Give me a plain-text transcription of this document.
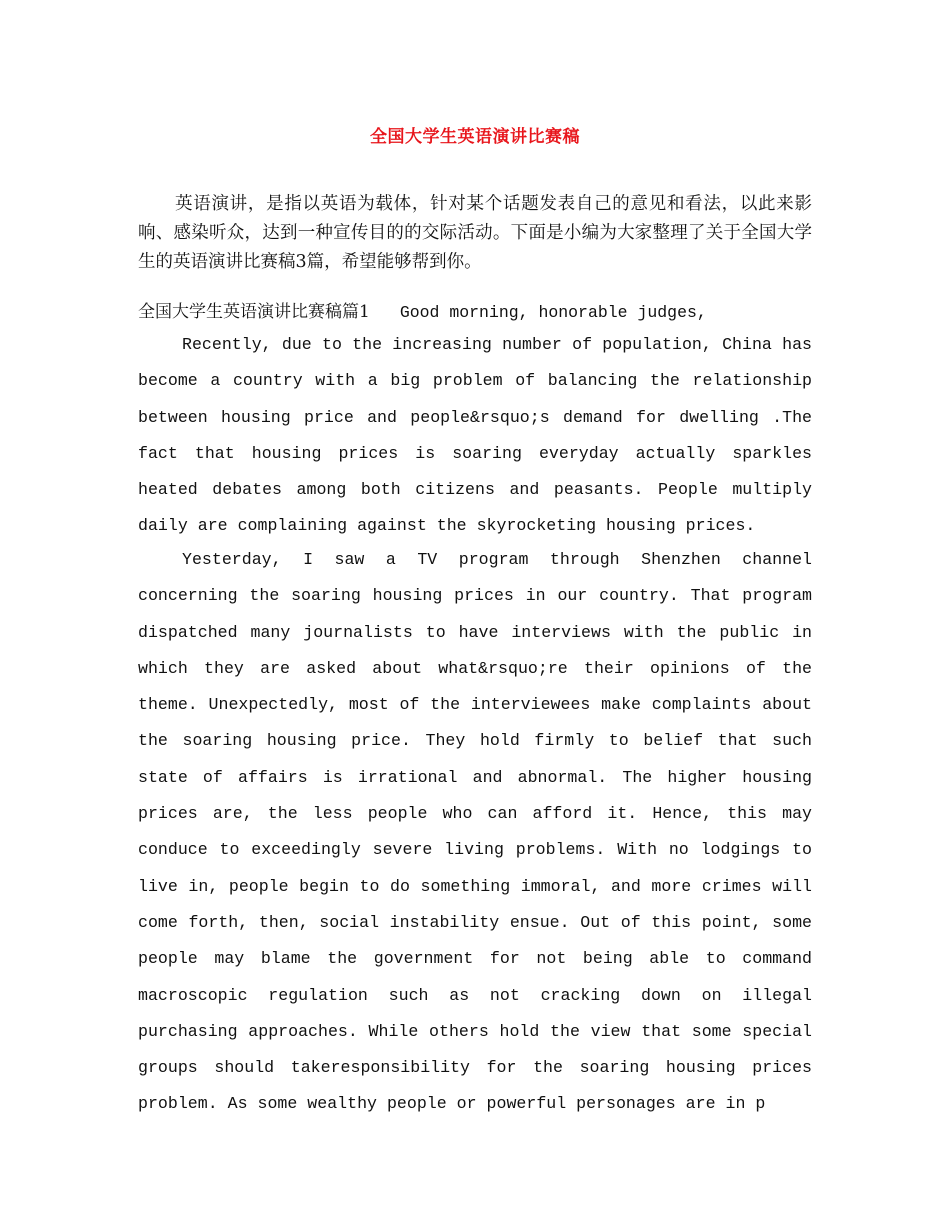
全国大学生英语演讲比赛稿

英语演讲，是指以英语为载体，针对某个话题发表自己的意见和看法，以此来影响、感染听众，达到一种宣传目的的交际活动。下面是小编为大家整理了关于全国大学生的英语演讲比赛稿3篇，希望能够帮到你。

全国大学生英语演讲比赛稿篇1 Good morning, honorable judges,

Recently, due to the increasing number of population, China has become a country with a big problem of balancing the relationship between housing price and people&rsquo;s demand for dwelling .The fact that housing prices is soaring everyday actually sparkles heated debates among both citizens and peasants. People multiply daily are complaining against the skyrocketing housing prices.

Yesterday, I saw a TV program through Shenzhen channel concerning the soaring housing prices in our country. That program dispatched many journalists to have interviews with the public in which they are asked about what&rsquo;re their opinions of the theme. Unexpectedly, most of the interviewees make complaints about the soaring housing price. They hold firmly to belief that such state of affairs is irrational and abnormal. The higher housing prices are, the less people who can afford it. Hence, this may conduce to exceedingly severe living problems. With no lodgings to live in, people begin to do something immoral, and more crimes will come forth, then, social instability ensue. Out of this point, some people may blame the government for not being able to command macroscopic regulation such as not cracking down on illegal purchasing approaches. While others hold the view that some special groups should takeresponsibility for the soaring housing prices problem. As some wealthy people or powerful personages are in p
